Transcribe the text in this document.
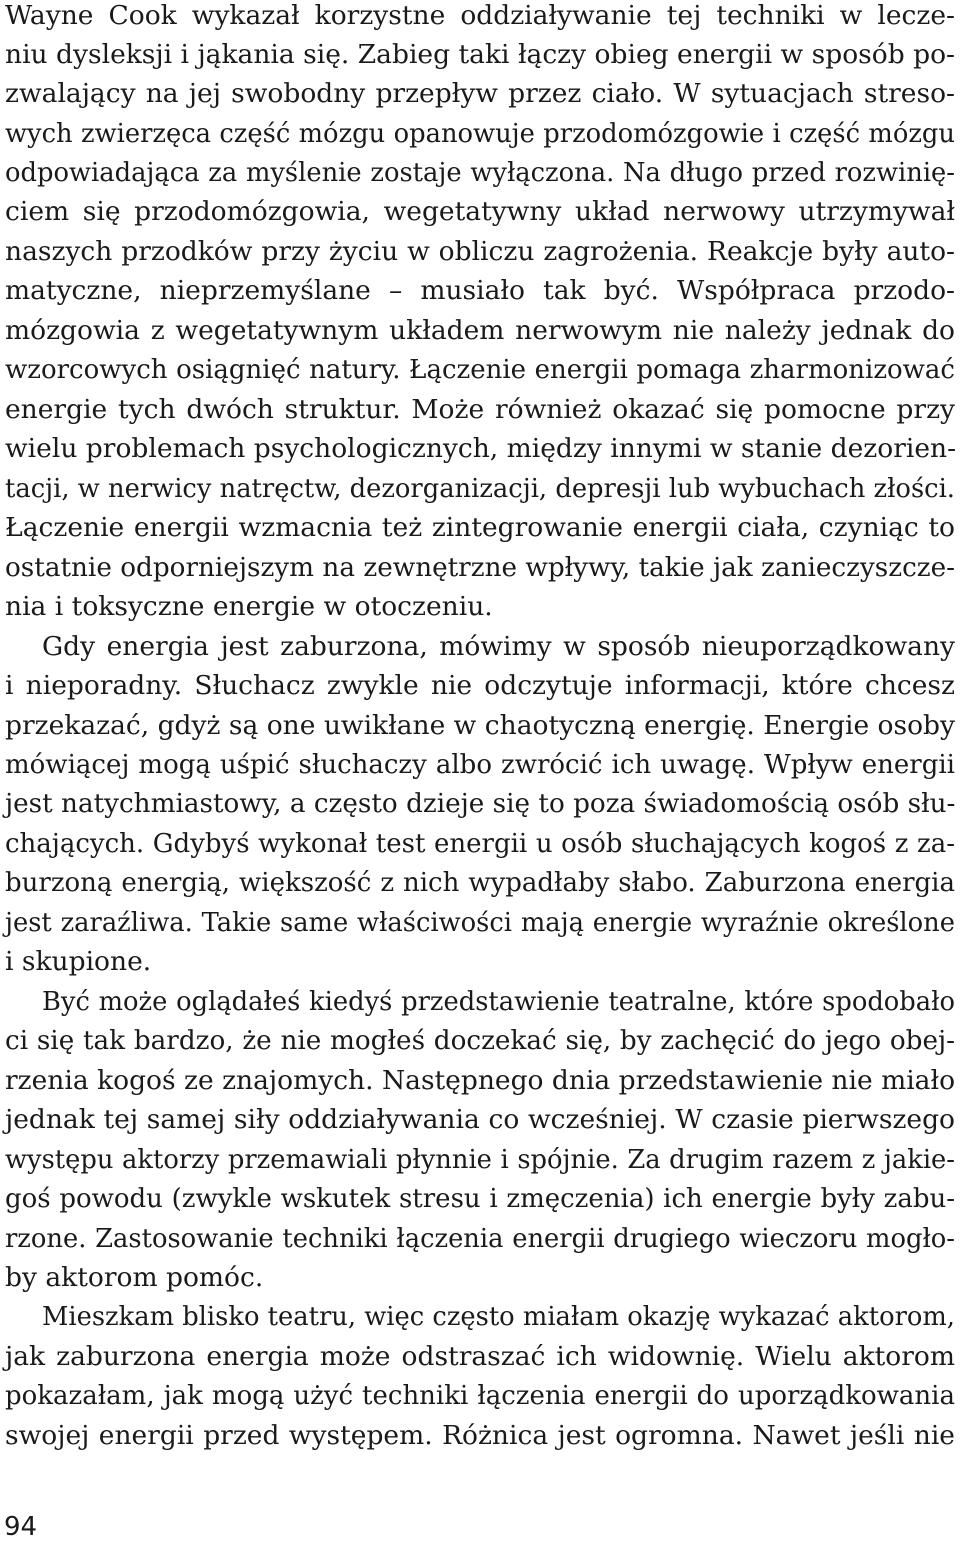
Wayne Cook wykazał korzystne oddziaływanie tej techniki w lecze-
niu dysleksji i jąkania się. Zabieg taki łączy obieg energii w sposób po-
zwalający na jej swobodny przepływ przez ciało. W sytuacjach streso-
wych zwierzęca część mózgu opanowuje przodomózgowie i część mózgu
odpowiadająca za myślenie zostaje wyłączona. Na długo przed rozwinię-
ciem się przodomózgowia, wegetatywny układ nerwowy utrzymywał
naszych przodków przy życiu w obliczu zagrożenia. Reakcje były auto-
matyczne, nieprzemyślane – musiało tak być. Współpraca przodo-
mózgowia z wegetatywnym układem nerwowym nie należy jednak do
wzorcowych osiągnięć natury. Łączenie energii pomaga zharmonizować
energie tych dwóch struktur. Może również okazać się pomocne przy
wielu problemach psychologicznych, między innymi w stanie dezorien-
tacji, w nerwicy natręctw, dezorganizacji, depresji lub wybuchach złości.
Łączenie energii wzmacnia też zintegrowanie energii ciała, czyniąc to
ostatnie odporniejszym na zewnętrzne wpływy, takie jak zanieczyszcze-
nia i toksyczne energie w otoczeniu.
Gdy energia jest zaburzona, mówimy w sposób nieuporządkowany
i nieporadny. Słuchacz zwykle nie odczytuje informacji, które chcesz
przekazać, gdyż są one uwikłane w chaotyczną energię. Energie osoby
mówiącej mogą uśpić słuchaczy albo zwrócić ich uwagę. Wpływ energii
jest natychmiastowy, a często dzieje się to poza świadomością osób słu-
chających. Gdybyś wykonał test energii u osób słuchających kogoś z za-
burzoną energią, większość z nich wypadłaby słabo. Zaburzona energia
jest zaraźliwa. Takie same właściwości mają energie wyraźnie określone
i skupione.
Być może oglądałeś kiedyś przedstawienie teatralne, które spodobało
ci się tak bardzo, że nie mogłeś doczekać się, by zachęcić do jego obej-
rzenia kogoś ze znajomych. Następnego dnia przedstawienie nie miało
jednak tej samej siły oddziaływania co wcześniej. W czasie pierwszego
występu aktorzy przemawiali płynnie i spójnie. Za drugim razem z jakie-
goś powodu (zwykle wskutek stresu i zmęczenia) ich energie były zabu-
rzone. Zastosowanie techniki łączenia energii drugiego wieczoru mogło-
by aktorom pomóc.
Mieszkam blisko teatru, więc często miałam okazję wykazać aktorom,
jak zaburzona energia może odstraszać ich widownię. Wielu aktorom
pokazałam, jak mogą użyć techniki łączenia energii do uporządkowania
swojej energii przed występem. Różnica jest ogromna. Nawet jeśli nie
94
